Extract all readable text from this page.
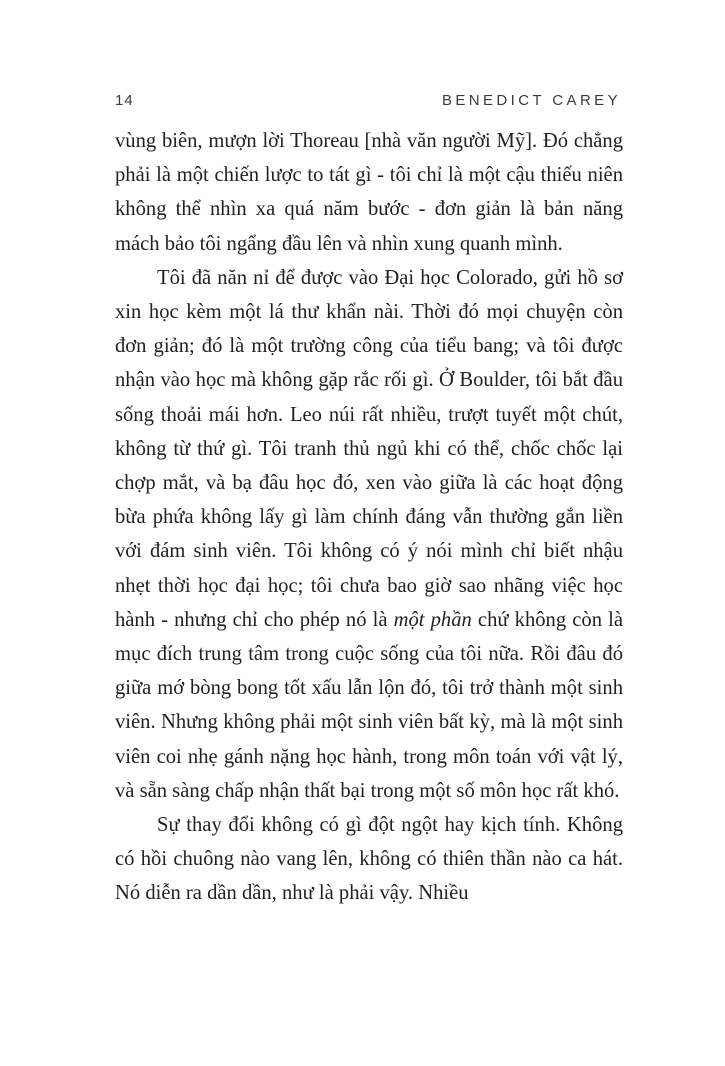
14	BENEDICT CAREY

vùng biên, mượn lời Thoreau [nhà văn người Mỹ]. Đó chẳng phải là một chiến lược to tát gì - tôi chỉ là một cậu thiếu niên không thể nhìn xa quá năm bước - đơn giản là bản năng mách bảo tôi ngẩng đầu lên và nhìn xung quanh mình.

Tôi đã năn nỉ để được vào Đại học Colorado, gửi hồ sơ xin học kèm một lá thư khẩn nài. Thời đó mọi chuyện còn đơn giản; đó là một trường công của tiểu bang; và tôi được nhận vào học mà không gặp rắc rối gì. Ở Boulder, tôi bắt đầu sống thoải mái hơn. Leo núi rất nhiều, trượt tuyết một chút, không từ thứ gì. Tôi tranh thủ ngủ khi có thể, chốc chốc lại chợp mắt, và bạ đâu học đó, xen vào giữa là các hoạt động bừa phứa không lấy gì làm chính đáng vẫn thường gắn liền với đám sinh viên. Tôi không có ý nói mình chỉ biết nhậu nhẹt thời học đại học; tôi chưa bao giờ sao nhãng việc học hành - nhưng chỉ cho phép nó là một phần chứ không còn là mục đích trung tâm trong cuộc sống của tôi nữa. Rồi đâu đó giữa mớ bòng bong tốt xấu lẫn lộn đó, tôi trở thành một sinh viên. Nhưng không phải một sinh viên bất kỳ, mà là một sinh viên coi nhẹ gánh nặng học hành, trong môn toán với vật lý, và sẵn sàng chấp nhận thất bại trong một số môn học rất khó.

Sự thay đổi không có gì đột ngột hay kịch tính. Không có hồi chuông nào vang lên, không có thiên thần nào ca hát. Nó diễn ra dần dần, như là phải vậy. Nhiều
